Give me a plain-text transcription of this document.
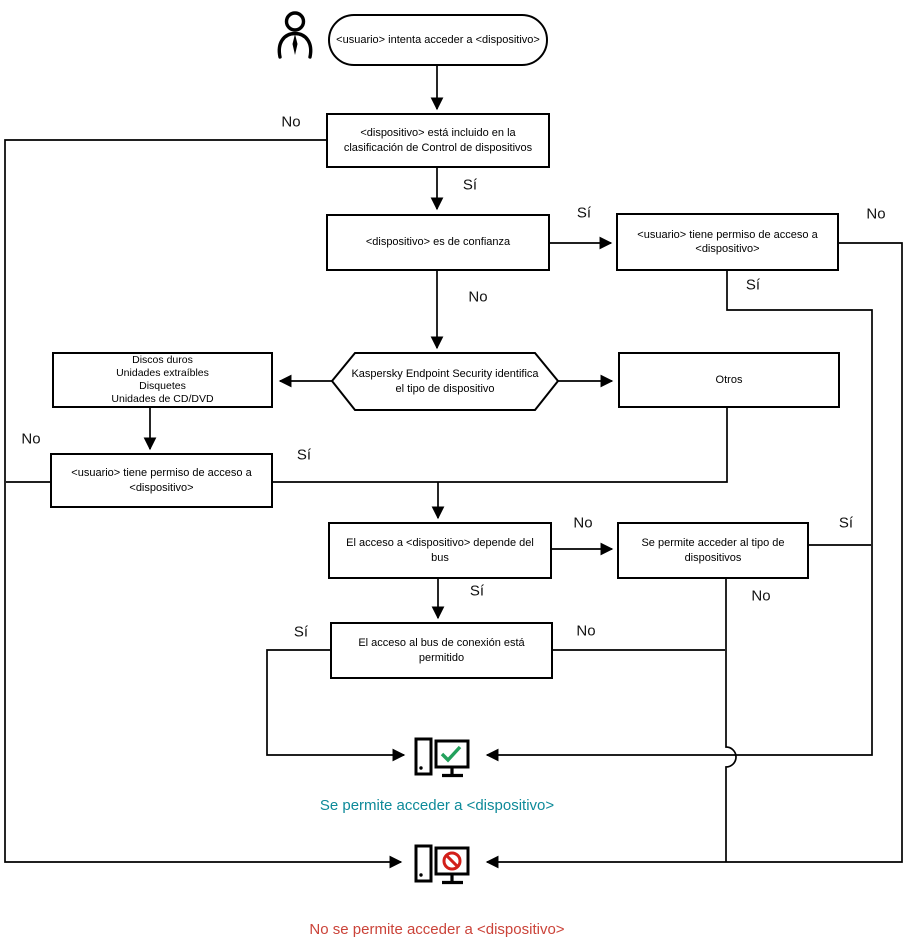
<usuario> intenta acceder a <dispositivo>
<dispositivo> está incluido en la clasificación de Control de dispositivos
<dispositivo> es de confianza
<usuario> tiene permiso de acceso a <dispositivo>
Kaspersky Endpoint Security identifica el tipo de dispositivo
Discos duros
Unidades extraíbles
Disquetes
Unidades de CD/DVD
Otros
<usuario> tiene permiso de acceso a <dispositivo>
El acceso a <dispositivo> depende del bus
Se permite acceder al tipo de dispositivos
El acceso al bus de conexión está permitido
No
Sí
Sí
No
No
Sí
No
Sí
No	Sí
Sí	No
Sí	No
Se permite acceder a <dispositivo>
No se permite acceder a <dispositivo>
